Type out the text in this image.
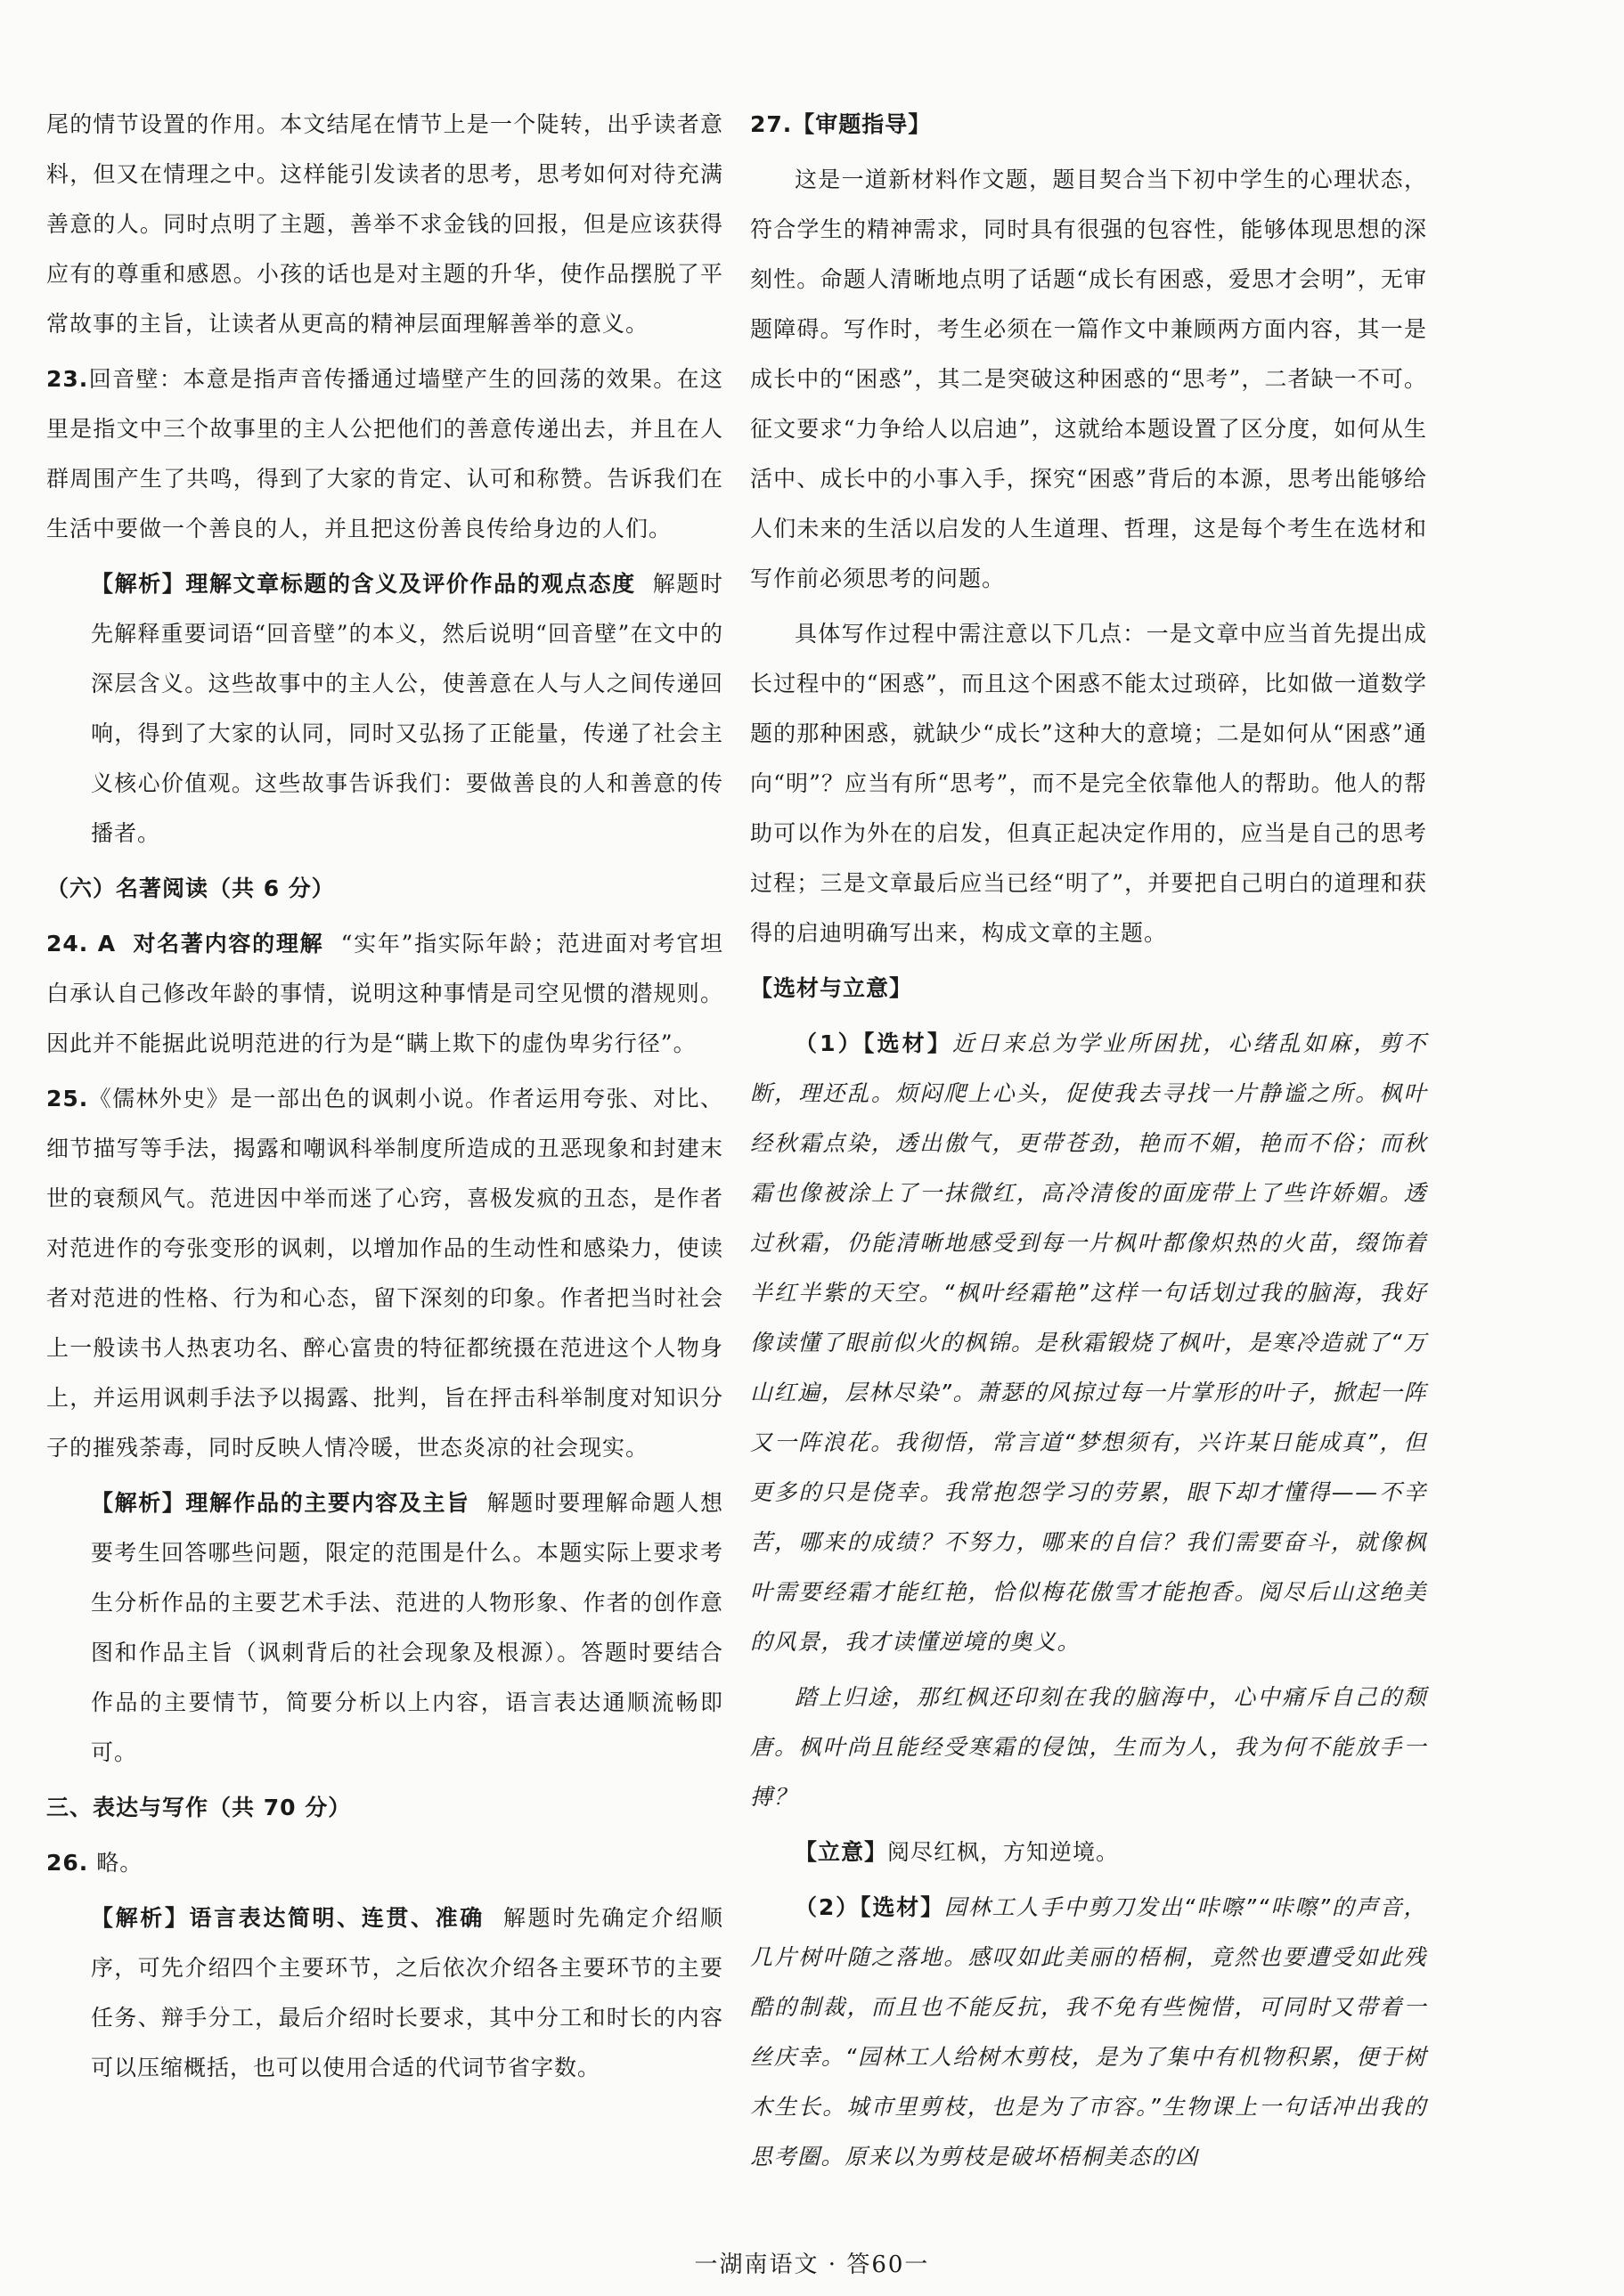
尾的情节设置的作用。本文结尾在情节上是一个陡转，出乎读者意料，但又在情理之中。这样能引发读者的思考，思考如何对待充满善意的人。同时点明了主题，善举不求金钱的回报，但是应该获得应有的尊重和感恩。小孩的话也是对主题的升华，使作品摆脱了平常故事的主旨，让读者从更高的精神层面理解善举的意义。

23.回音壁：本意是指声音传播通过墙壁产生的回荡的效果。在这里是指文中三个故事里的主人公把他们的善意传递出去，并且在人群周围产生了共鸣，得到了大家的肯定、认可和称赞。告诉我们在生活中要做一个善良的人，并且把这份善良传给身边的人们。

【解析】理解文章标题的含义及评价作品的观点态度 解题时先解释重要词语“回音壁”的本义，然后说明“回音壁”在文中的深层含义。这些故事中的主人公，使善意在人与人之间传递回响，得到了大家的认同，同时又弘扬了正能量，传递了社会主义核心价值观。这些故事告诉我们：要做善良的人和善意的传播者。

（六）名著阅读（共 6 分）

24. A 对名著内容的理解 “实年”指实际年龄；范进面对考官坦白承认自己修改年龄的事情，说明这种事情是司空见惯的潜规则。因此并不能据此说明范进的行为是“瞒上欺下的虚伪卑劣行径”。

25.《儒林外史》是一部出色的讽刺小说。作者运用夸张、对比、细节描写等手法，揭露和嘲讽科举制度所造成的丑恶现象和封建末世的衰颓风气。范进因中举而迷了心窍，喜极发疯的丑态，是作者对范进作的夸张变形的讽刺，以增加作品的生动性和感染力，使读者对范进的性格、行为和心态，留下深刻的印象。作者把当时社会上一般读书人热衷功名、醉心富贵的特征都统摄在范进这个人物身上，并运用讽刺手法予以揭露、批判，旨在抨击科举制度对知识分子的摧残荼毒，同时反映人情冷暖，世态炎凉的社会现实。

【解析】理解作品的主要内容及主旨 解题时要理解命题人想要考生回答哪些问题，限定的范围是什么。本题实际上要求考生分析作品的主要艺术手法、范进的人物形象、作者的创作意图和作品主旨（讽刺背后的社会现象及根源）。答题时要结合作品的主要情节，简要分析以上内容，语言表达通顺流畅即可。

三、表达与写作（共 70 分）

26. 略。

【解析】语言表达简明、连贯、准确 解题时先确定介绍顺序，可先介绍四个主要环节，之后依次介绍各主要环节的主要任务、辩手分工，最后介绍时长要求，其中分工和时长的内容可以压缩概括，也可以使用合适的代词节省字数。

27.【审题指导】

这是一道新材料作文题，题目契合当下初中学生的心理状态，符合学生的精神需求，同时具有很强的包容性，能够体现思想的深刻性。命题人清晰地点明了话题“成长有困惑，爱思才会明”，无审题障碍。写作时，考生必须在一篇作文中兼顾两方面内容，其一是成长中的“困惑”，其二是突破这种困惑的“思考”，二者缺一不可。征文要求“力争给人以启迪”，这就给本题设置了区分度，如何从生活中、成长中的小事入手，探究“困惑”背后的本源，思考出能够给人们未来的生活以启发的人生道理、哲理，这是每个考生在选材和写作前必须思考的问题。

具体写作过程中需注意以下几点：一是文章中应当首先提出成长过程中的“困惑”，而且这个困惑不能太过琐碎，比如做一道数学题的那种困惑，就缺少“成长”这种大的意境；二是如何从“困惑”通向“明”？应当有所“思考”，而不是完全依靠他人的帮助。他人的帮助可以作为外在的启发，但真正起决定作用的，应当是自己的思考过程；三是文章最后应当已经“明了”，并要把自己明白的道理和获得的启迪明确写出来，构成文章的主题。

【选材与立意】

（1）【选材】近日来总为学业所困扰，心绪乱如麻，剪不断，理还乱。烦闷爬上心头，促使我去寻找一片静谧之所。枫叶经秋霜点染，透出傲气，更带苍劲，艳而不媚，艳而不俗；而秋霜也像被涂上了一抹微红，高冷清俊的面庞带上了些许娇媚。透过秋霜，仍能清晰地感受到每一片枫叶都像炽热的火苗，缀饰着半红半紫的天空。“枫叶经霜艳”这样一句话划过我的脑海，我好像读懂了眼前似火的枫锦。是秋霜锻烧了枫叶，是寒冷造就了“万山红遍，层林尽染”。萧瑟的风掠过每一片掌形的叶子，掀起一阵又一阵浪花。我彻悟，常言道“梦想须有，兴许某日能成真”，但更多的只是侥幸。我常抱怨学习的劳累，眼下却才懂得——不辛苦，哪来的成绩？不努力，哪来的自信？我们需要奋斗，就像枫叶需要经霜才能红艳，恰似梅花傲雪才能抱香。阅尽后山这绝美的风景，我才读懂逆境的奥义。

踏上归途，那红枫还印刻在我的脑海中，心中痛斥自己的颓唐。枫叶尚且能经受寒霜的侵蚀，生而为人，我为何不能放手一搏？

【立意】阅尽红枫，方知逆境。

（2）【选材】园林工人手中剪刀发出“咔嚓”“咔嚓”的声音，几片树叶随之落地。感叹如此美丽的梧桐，竟然也要遭受如此残酷的制裁，而且也不能反抗，我不免有些惋惜，可同时又带着一丝庆幸。“园林工人给树木剪枝，是为了集中有机物积累，便于树木生长。城市里剪枝，也是为了市容。”生物课上一句话冲出我的思考圈。原来以为剪枝是破坏梧桐美态的凶

一湖南语文 · 答60一
